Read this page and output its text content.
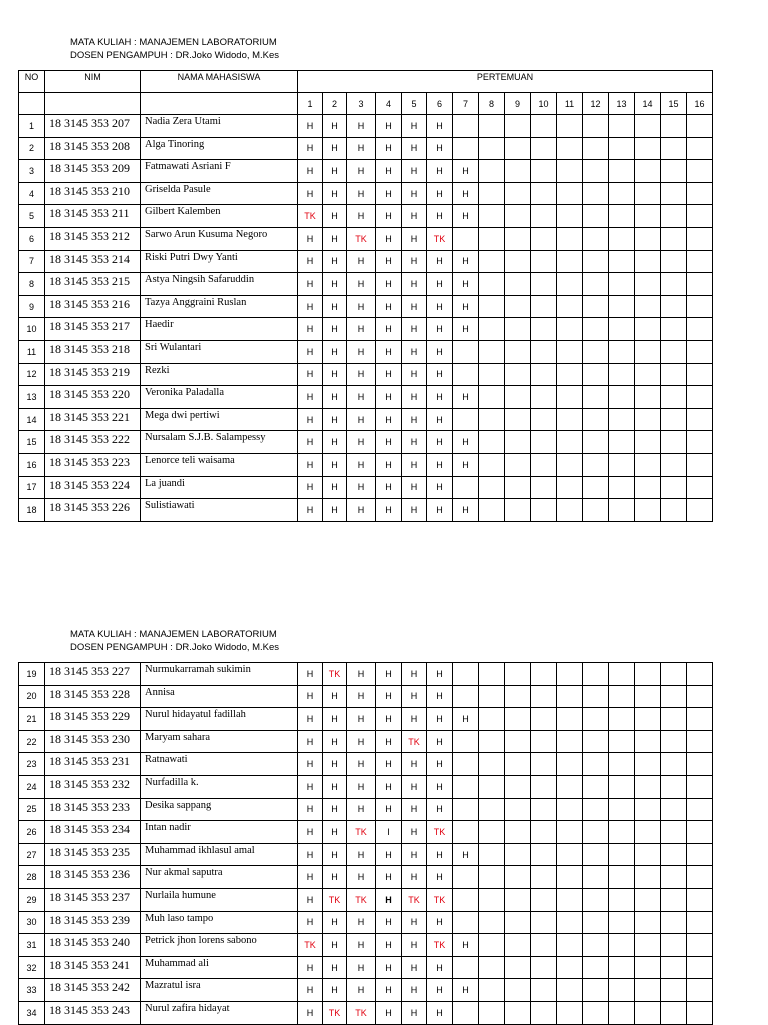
MATA KULIAH : MANAJEMEN LABORATORIUM
DOSEN PENGAMPUH : DR.Joko Widodo, M.Kes
NO	NIM	NAMA MAHASISWA	PERTEMUAN															
			1	2	3	4	5	6	7	8	9	10	11	12	13	14	15	16
1	18 3145 353 207	Nadia Zera Utami	H	H	H	H	H	H										
2	18 3145 353 208	Alga Tinoring	H	H	H	H	H	H										
3	18 3145 353 209	Fatmawati Asriani F	H	H	H	H	H	H	H									
4	18 3145 353 210	Griselda Pasule	H	H	H	H	H	H	H									
5	18 3145 353 211	Gilbert Kalemben	TK	H	H	H	H	H	H									
6	18 3145 353 212	Sarwo Arun Kusuma Negoro	H	H	TK	H	H	TK										
7	18 3145 353 214	Riski Putri Dwy Yanti	H	H	H	H	H	H	H									
8	18 3145 353 215	Astya Ningsih Safaruddin	H	H	H	H	H	H	H									
9	18 3145 353 216	Tazya Anggraini Ruslan	H	H	H	H	H	H	H									
10	18 3145 353 217	Haedir	H	H	H	H	H	H	H									
11	18 3145 353 218	Sri Wulantari	H	H	H	H	H	H										
12	18 3145 353 219	Rezki	H	H	H	H	H	H										
13	18 3145 353 220	Veronika Paladalla	H	H	H	H	H	H	H									
14	18 3145 353 221	Mega dwi pertiwi	H	H	H	H	H	H										
15	18 3145 353 222	Nursalam S.J.B. Salampessy	H	H	H	H	H	H	H									
16	18 3145 353 223	Lenorce teli waisama	H	H	H	H	H	H	H									
17	18 3145 353 224	La juandi	H	H	H	H	H	H										
18	18 3145 353 226	Sulistiawati	H	H	H	H	H	H	H									
MATA KULIAH : MANAJEMEN LABORATORIUM
DOSEN PENGAMPUH : DR.Joko Widodo, M.Kes
19	18 3145 353 227	Nurmukarramah sukimin	H	TK	H	H	H	H										
20	18 3145 353 228	Annisa	H	H	H	H	H	H										
21	18 3145 353 229	Nurul hidayatul fadillah	H	H	H	H	H	H	H									
22	18 3145 353 230	Maryam sahara	H	H	H	H	TK	H										
23	18 3145 353 231	Ratnawati	H	H	H	H	H	H										
24	18 3145 353 232	Nurfadilla k.	H	H	H	H	H	H										
25	18 3145 353 233	Desika sappang	H	H	H	H	H	H										
26	18 3145 353 234	Intan nadir	H	H	TK	I	H	TK										
27	18 3145 353 235	Muhammad ikhlasul amal	H	H	H	H	H	H	H									
28	18 3145 353 236	Nur akmal saputra	H	H	H	H	H	H										
29	18 3145 353 237	Nurlaila humune	H	TK	TK	H	TK	TK										
30	18 3145 353 239	Muh laso tampo	H	H	H	H	H	H										
31	18 3145 353 240	Petrick jhon lorens sabono	TK	H	H	H	H	TK	H									
32	18 3145 353 241	Muhammad ali	H	H	H	H	H	H										
33	18 3145 353 242	Mazratul isra	H	H	H	H	H	H	H									
34	18 3145 353 243	Nurul zafira hidayat	H	TK	TK	H	H	H										
